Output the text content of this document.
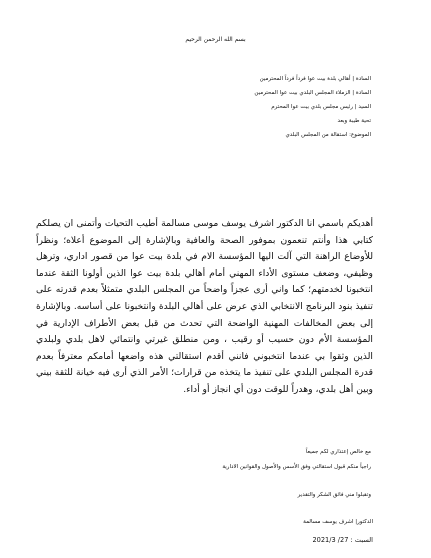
بسم الله الرحمن الرحيم
السادة | أهالي بلدة بيت عوا فرداً فرداً المحترمين
السادة | الزملاء المجلس البلدي بيت عوا المحترمين
السيد | رئيس مجلس بلدي بيت عوا المحترم
تحية طيبة وبعد
الموضوع: استقالة من المجلس البلدي

أهديكم باسمي انا الدكتور اشرف يوسف موسى مسالمة أطيب التحيات وأتمنى ان يصلكم كتابي هذا وأنتم تنعمون بموفور الصحة والعافية وبالإشارة إلى الموضوع أعلاه؛ ونظراً للأوضاع الراهنة التي آلت اليها المؤسسة الام في بلدة بيت عوا من قصور اداري، وترهل وظيفي، وضعف مستوى الأداء المهني أمام أهالي بلدة بيت عوا الذين أولونا الثقة عندما انتخبونا لخدمتهم؛ كما واني أرى عجزاً واضحاً من المجلس البلدي متمثلاً بعدم قدرته على تنفيذ بنود البرنامج الانتخابي الذي عرض على أهالي البلدة وانتخبونا على أساسه. وبالإشارة إلى بعض المخالفات المهنية الواضحة التي تحدث من قبل بعض الأطراف الإدارية في المؤسسة الأم دون حسيب أو رقيب ، ومن منطلق غيرتي وانتمائي لاهل بلدي ولبلدي الذين وثقوا بي عندما انتخبوني فانني أقدم استقالتي هذه واضعها أمامكم معترفاً بعدم قدرة المجلس البلدي على تنفيذ ما يتخذه من قرارات؛ الأمر الذي أرى فيه خيانة للثقة بيني وبين أهل بلدي، وهدراً للوقت دون أي انجاز أو أداء.

مع خالص إعتذاري لكم جميعاً
راجياً منكم قبول استقالتي وفق الأسس والأصول والقوانين الادارية
وتقبلوا مني فائق الشكر والتقدير
الدكتور| اشرف يوسف مسالمة
السبت : 27/ 2021/3
